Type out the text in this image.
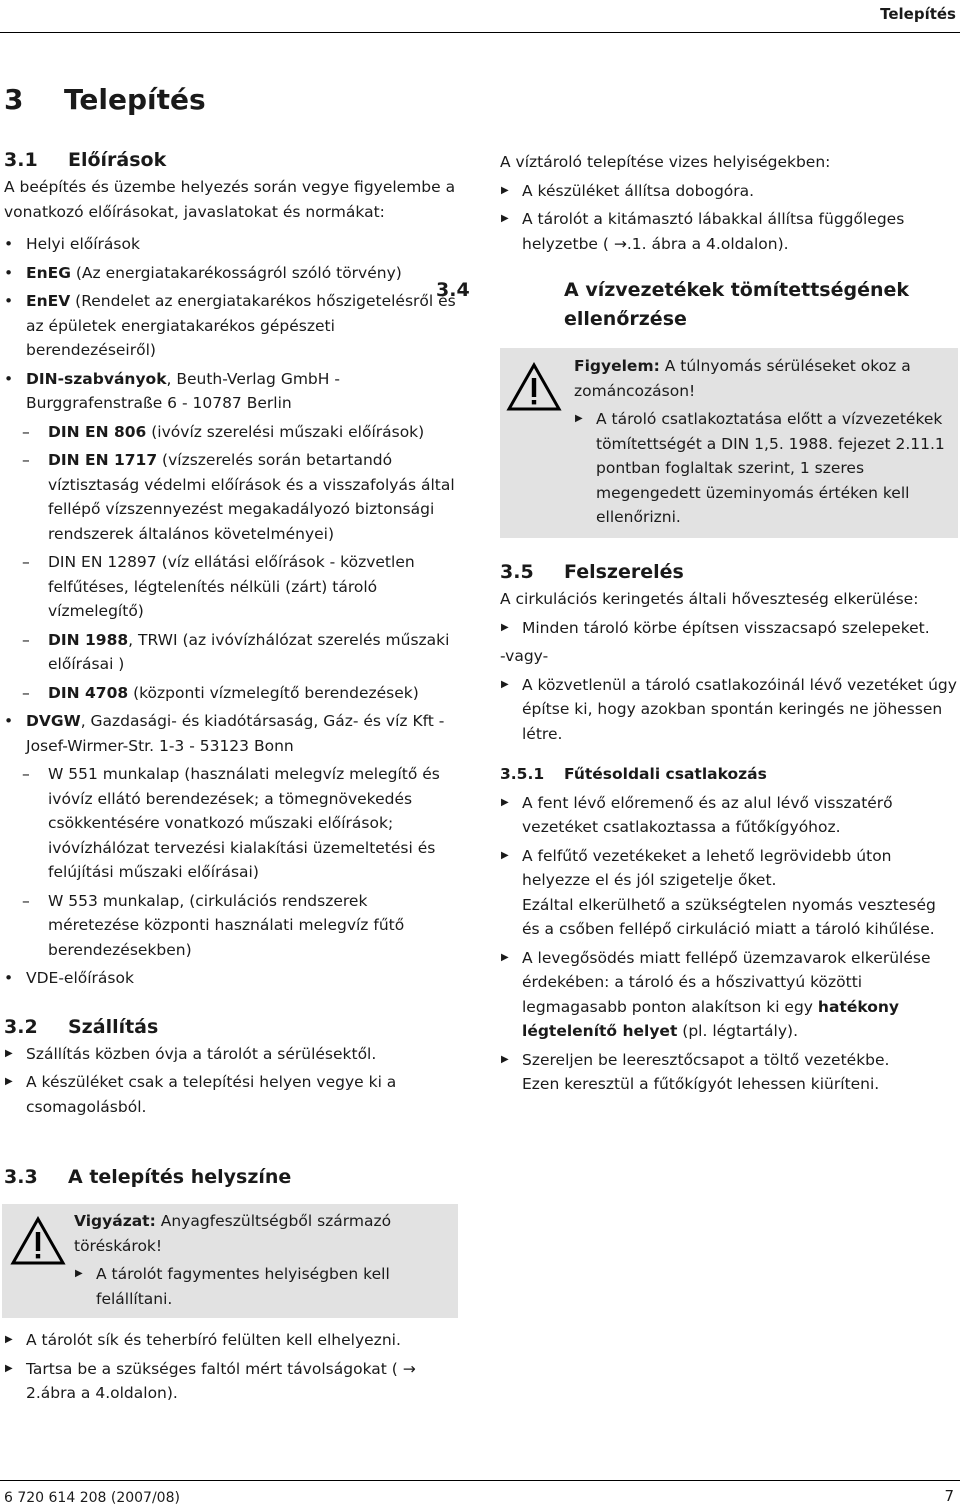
Telepítés
3 Telepítés
3.1 Előírások

A beépítés és üzembe helyezés során vegye figyelembe a vonatkozó előírásokat, javaslatokat és normákat:

• Helyi előírások
• EnEG (Az energiatakarékosságról szóló törvény)
• EnEV (Rendelet az energiatakarékos hőszigetelésről és az épületek energiatakarékos gépészeti berendezéseiről)
• DIN-szabványok, Beuth-Verlag GmbH - Burggrafenstraße 6 - 10787 Berlin
– DIN EN 806 (ivóvíz szerelési műszaki előírások)
– DIN EN 1717 (vízszerelés során betartandó víztisztaság védelmi előírások és a visszafolyás által fellépő vízszennyezést megakadályozó biztonsági rendszerek általános követelményei)
– DIN EN 12897 (víz ellátási előírások - közvetlen felfűtéses, légtelenítés nélküli (zárt) tároló vízmelegítő)
– DIN 1988, TRWI (az ivóvízhálózat szerelés műszaki előírásai )
– DIN 4708 (központi vízmelegítő berendezések)
• DVGW, Gazdasági- és kiadótársaság, Gáz- és víz Kft - Josef-Wirmer-Str. 1-3 - 53123 Bonn
– W 551 munkalap (használati melegvíz melegítő és ivóvíz ellátó berendezések; a tömegnövekedés csökkentésére vonatkozó műszaki előírások; ivóvízhálózat tervezési kialakítási üzemeltetési és felújítási műszaki előírásai)
– W 553 munkalap, (cirkulációs rendszerek méretezése központi használati melegvíz fűtő berendezésekben)
• VDE-előírások
3.2 Szállítás
▶ Szállítás közben óvja a tárolót a sérülésektől.
▶ A készüléket csak a telepítési helyen vegye ki a csomagolásból.
3.3 A telepítés helyszíne

Vigyázat: Anyagfeszültségből származó töréskárok!

▶ A tárolót fagymentes helyiségben kell felállítani.
▶ A tárolót sík és teherbíró felülten kell elhelyezni.
▶ Tartsa be a szükséges faltól mért távolságokat ( → 2.ábra a 4.oldalon).

A víztároló telepítése vizes helyiségekben:

▶ A készüléket állítsa dobogóra.
▶ A tárolót a kitámasztó lábakkal állítsa függőleges helyzetbe ( →.1. ábra a 4.oldalon).
3.4	A vízvezetékek tömítettségének ellenőrzése

Figyelem: A túlnyomás sérüléseket okoz a zománcozáson!

▶ A tároló csatlakoztatása előtt a vízvezetékek tömítettségét a DIN 1,5. 1988. fejezet 2.11.1 pontban foglaltak szerint, 1 szeres megengedett üzeminyomás értéken kell ellenőrizni.
3.5 Felszerelés

A cirkulációs keringetés általi hőveszteség elkerülése:

▶ Minden tároló körbe építsen visszacsapó szelepeket.

-vagy-

▶ A közvetlenül a tároló csatlakozóinál lévő vezetéket úgy építse ki, hogy azokban spontán keringés ne jöhessen létre.
3.5.1 Fűtésoldali csatlakozás
▶ A fent lévő előremenő és az alul lévő visszatérő vezetéket csatlakoztassa a fűtőkígyóhoz.
▶ A felfűtő vezetékeket a lehető legrövidebb úton helyezze el és jól szigetelje őket.
Ezáltal elkerülhető a szükségtelen nyomás veszteség és a csőben fellépő cirkuláció miatt a tároló kihűlése.
▶ A levegősödés miatt fellépő üzemzavarok elkerülése érdekében: a tároló és a hőszivattyú közötti legmagasabb ponton alakítson ki egy hatékony légtelenítő helyet (pl. légtartály).
▶ Szereljen be leeresztőcsapot a töltő vezetékbe.
Ezen keresztül a fűtőkígyót lehessen kiüríteni.
6 720 614 208 (2007/08)	7
